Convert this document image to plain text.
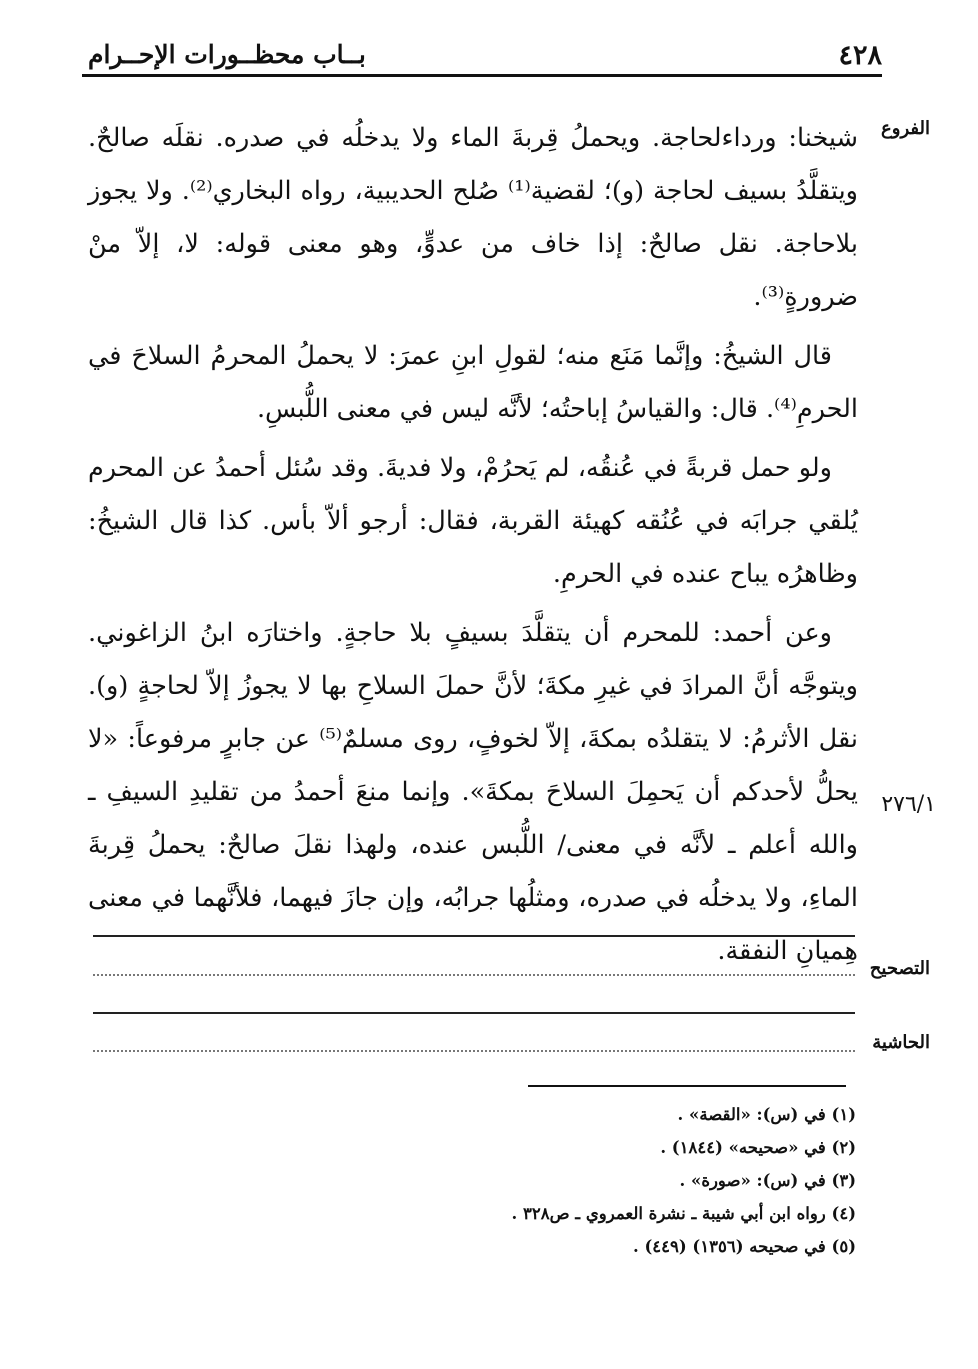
٤٢٨
بــاب محظــورات الإحــرام
الفروع
٢٧٦/١

شيخنا: ورداءلحاجة. ويحملُ قِربةَ الماء ولا يدخلُه في صدره. نقلَه صالحٌ. ويتقلَّدُ بسيف لحاجة (و)؛ لقضية⁽¹⁾ صُلح الحديبية، رواه البخاري⁽²⁾. ولا يجوز بلاحاجة. نقل صالحٌ: إذا خاف من عدوٍّ، وهو معنى قوله: لا، إلاّ منْ ضرورةٍ⁽³⁾.

قال الشيخُ: وإنَّما مَنَع منه؛ لقولِ ابنِ عمرَ: لا يحملُ المحرمُ السلاحَ في الحرمِ⁽⁴⁾. قال: والقياسُ إباحتُه؛ لأنَّه ليس في معنى اللُّبسِ.

ولو حمل قربةً في عُنقُه، لم يَحرُمْ، ولا فديةَ. وقد سُئل أحمدُ عن المحرم يُلقي جرابَه في عُنُقه كهيئة القربة، فقال: أرجو ألاّ بأس. كذا قال الشيخُ: وظاهرُه يباح عنده في الحرمِ.

وعن أحمد: للمحرم أن يتقلَّدَ بسيفٍ بلا حاجةٍ. واختارَه ابنُ الزاغوني. ويتوجَّه أنَّ المرادَ في غيرِ مكةَ؛ لأنَّ حملَ السلاحِ بها لا يجوزُ إلاّ لحاجةٍ (و). نقل الأثرمُ: لا يتقلدُه بمكةَ، إلاّ لخوفٍ، روى مسلمٌ⁽⁵⁾ عن جابرٍ مرفوعاً: «لا يحلُّ لأحدكم أن يَحمِلَ السلاحَ بمكةَ». وإنما منعَ أحمدُ من تقليدِ السيفِ ـ والله أعلم ـ لأنَّه في معنى/ اللُّبس عنده، ولهذا نقلَ صالحٌ: يحملُ قِربةَ الماءِ، ولا يدخلُه في صدره، ومثلُها جرابُه، وإن جازَ فيهما، فلأنَّهما في معنى هِميانِ النفقة.

التصحيح
الحاشية
(١) في (س): «القصة» .
(٢) في «صحيحه» (١٨٤٤) .
(٣) في (س): «صورة» .
(٤) رواه ابن أبي شيبة ـ نشرة العمروي ـ ص٣٢٨ .
(٥) في صحيحه (١٣٥٦) (٤٤٩) .
